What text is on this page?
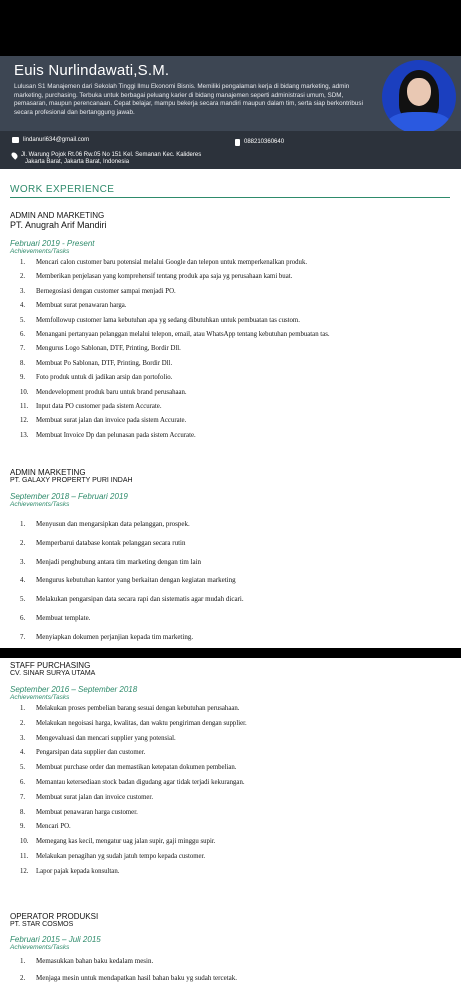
Euis Nurlindawati,S.M.
Lulusan S1 Manajemen dari Sekolah Tinggi Ilmu Ekonomi Bisnis. Memiliki pengalaman kerja di bidang marketing, admin marketing, purchasing. Terbuka untuk berbagai peluang karier di bidang manajemen seperti administrasi umum, SDM, pemasaran, maupun perencanaan. Cepat belajar, mampu bekerja secara mandiri maupun dalam tim, serta siap berkontribusi secara profesional dan bertanggung jawab.
lindanuri634@gmail.com	088210360640
Jl. Warung Pojok Rt.06 Rw.05 No 151 Kel. Semanan Kec. Kalideres
Jakarta Barat, Jakarta Barat, Indonesia
WORK EXPERIENCE
ADMIN AND MARKETING
PT. Anugrah Arif Mandiri
Februari 2019 - Present
Achievements/Tasks
1. Mencari calon customer baru potensial melalui Google dan telepon untuk memperkenalkan produk.
2. Memberikan penjelasan yang komprehensif tentang produk apa saja yg perusahaan kami buat.
3. Bernegosiasi dengan customer sampai menjadi PO.
4. Membuat surat penawaran harga.
5. Memfollowup customer lama kebutuhan apa yg sedang dibutuhkan untuk pembuatan tas custom.
6. Menangani pertanyaan pelanggan melalui telepon, email, atau WhatsApp tentang kebutuhan pembuatan tas.
7. Mengurus Logo Sablonan, DTF, Printing, Bordir Dll.
8. Membuat Po Sablonan, DTF, Printing, Bordir Dll.
9. Foto produk untuk di jadikan arsip dan portofolio.
10. Mendevelopment produk baru untuk brand perusahaan.
11. Input data PO customer pada sistem Accurate.
12. Membuat surat jalan dan invoice pada sistem Accurate.
13. Membuat Invoice Dp dan pelunasan pada sistem Accurate.
ADMIN MARKETING
PT. GALAXY PROPERTY PURI INDAH
September 2018 – Februari 2019
Achievements/Tasks
1. Menyusun dan mengarsipkan data pelanggan, prospek.
2. Memperbarui database kontak pelanggan secara rutin
3. Menjadi penghubung antara tim marketing dengan tim lain
4. Mengurus kebutuhan kantor yang berkaitan dengan kegiatan marketing
5. Melakukan pengarsipan data secara rapi dan sistematis agar mudah dicari.
6. Membuat template.
7. Menyiapkan dokumen perjanjian kepada tim marketing.
STAFF PURCHASING
CV. SINAR SURYA UTAMA
September 2016 – September 2018
Achievements/Tasks
1. Melakukan proses pembelian barang sesuai dengan kebutuhan perusahaan.
2. Melakukan negoisasi harga, kwalitas, dan waktu pengiriman dengan supplier.
3. Mengevaluasi dan mencari supplier yang potensial.
4. Pengarsipan data supplier dan customer.
5. Membuat purchase order dan memastikan ketepatan dokumen pembelian.
6. Memantau ketersediaan stock badan digudang agar tidak terjadi kekurangan.
7. Membuat surat jalan dan invoice customer.
8. Membuat penawaran harga customer.
9. Mencari PO.
10. Memegang kas kecil, mengatur uag jalan supir, gaji minggu supir.
11. Melakukan penagihan yg sudah jatuh tempo kepada customer.
12. Lapor pajak kepada konsultan.
OPERATOR PRODUKSI
PT. STAR COSMOS
Februari 2015 – Juli 2015
Achievements/Tasks
1. Memasukkan bahan baku kedalam mesin.
2. Menjaga mesin untuk mendapatkan hasil bahan baku yg sudah tercetak.
